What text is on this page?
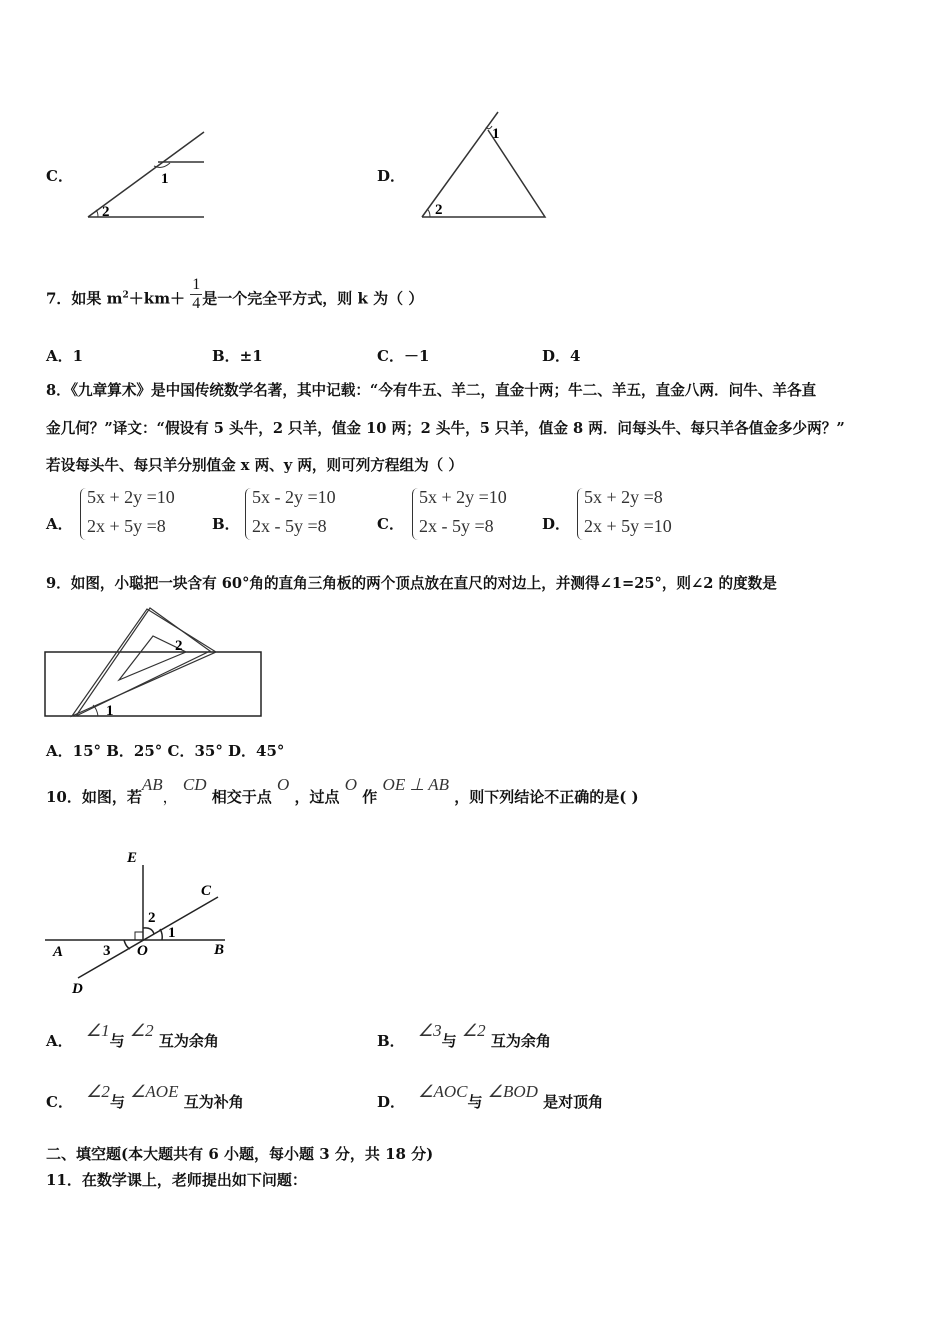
C．	1
2
D．
1
2
7．如果 $m^2+km+ \frac{1}{4}$ 是一个完全平方式，则 k 为（ ）
A．1	B．±1	C．－1	D．4
8．《九章算术》是中国传统数学名著，其中记载：“今有牛五、羊二，直金十两；牛二、羊五，直金八两．问牛、羊各直
金几何？”译文：“假设有 5 头牛，2 只羊，值金 10 两；2 头牛，5 只羊，值金 8 两．问每头牛、每只羊各值金多少两？”
若设每头牛、每只羊分别值金 x 两、y 两，则可列方程组为（ ）
A．
5x + 2y =10
2x + 5y =8	B．
5x - 2y =10
2x - 5y =8	C．
5x + 2y =10
2x - 5y =8	D．
5x + 2y =8
2x + 5y =10
9．如图，小聪把一块含有 60°角的直角三角板的两个顶点放在直尺的对边上，并测得∠1=25°，则∠2 的度数是
1
2
A．15° B．25° C．35° D．45°
10．如图，若AB， CD 相交于点 O ，过点 O 作 OE ⊥ AB ，则下列结论不正确的是( )
E
C
A	B
O
D
1
2
3
A． ∠1与 ∠2 互为余角	B． ∠3与 ∠2 互为余角
C． ∠2与 ∠AOE 互为补角	D． ∠AOC与 ∠BOD 是对顶角
二、填空题(本大题共有 6 小题，每小题 3 分，共 18 分)
11．在数学课上，老师提出如下问题：
